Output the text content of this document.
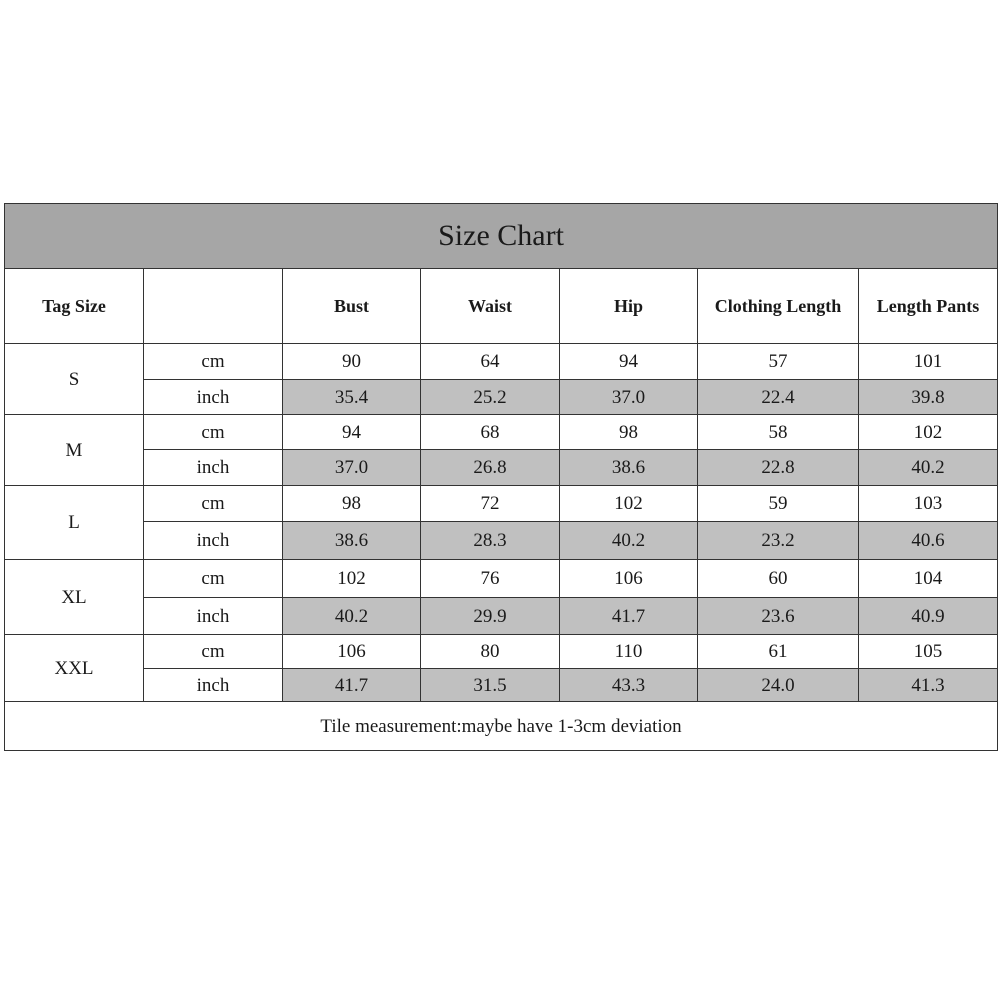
Size Chart						
Tag Size		Bust	Waist	Hip	Clothing Length	Length Pants
S	cm	90	64	94	57	101
	inch	35.4	25.2	37.0	22.4	39.8
M	cm	94	68	98	58	102
	inch	37.0	26.8	38.6	22.8	40.2
L	cm	98	72	102	59	103
	inch	38.6	28.3	40.2	23.2	40.6
XL	cm	102	76	106	60	104
	inch	40.2	29.9	41.7	23.6	40.9
XXL	cm	106	80	110	61	105
	inch	41.7	31.5	43.3	24.0	41.3
Tile measurement:maybe have 1-3cm deviation						
